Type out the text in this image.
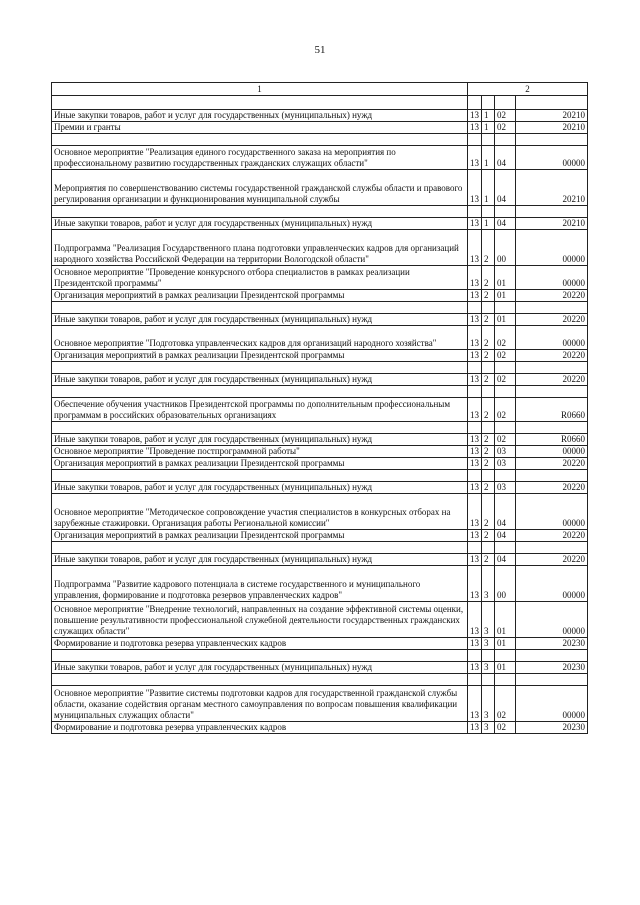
51
1	2			

Иные закупки товаров, работ и услуг для государственных (муниципальных) нужд	13	1	02	20210
Премии и гранты	13	1	02	20210

Основное мероприятие "Реализация единого государственного заказа на мероприятия по профессиональному развитию государственных гражданских служащих области"	13	1	04	00000
Мероприятия по совершенствованию системы государственной гражданской службы области и правового регулирования организации и функционирования муниципальной службы	13	1	04	20210

Иные закупки товаров, работ и услуг для государственных (муниципальных) нужд	13	1	04	20210
Подпрограмма "Реализация Государственного плана подготовки управленческих кадров для организаций народного хозяйства Российской Федерации на территории Вологодской области"	13	2	00	00000
Основное мероприятие "Проведение конкурсного отбора специалистов в рамках реализации Президентской программы"	13	2	01	00000
Организация мероприятий в рамках реализации Президентской программы	13	2	01	20220

Иные закупки товаров, работ и услуг для государственных (муниципальных) нужд	13	2	01	20220
Основное мероприятие "Подготовка управленческих кадров для организаций народного хозяйства"	13	2	02	00000
Организация мероприятий в рамках реализации Президентской программы	13	2	02	20220

Иные закупки товаров, работ и услуг для государственных (муниципальных) нужд	13	2	02	20220

Обеспечение обучения участников Президентской программы по дополнительным профессиональным программам в российских образовательных организациях	13	2	02	R0660

Иные закупки товаров, работ и услуг для государственных (муниципальных) нужд	13	2	02	R0660
Основное мероприятие "Проведение постпрограммной работы"	13	2	03	00000
Организация мероприятий в рамках реализации Президентской программы	13	2	03	20220

Иные закупки товаров, работ и услуг для государственных (муниципальных) нужд	13	2	03	20220
Основное мероприятие "Методическое сопровождение участия специалистов в конкурсных отборах на зарубежные стажировки. Организация работы Региональной комиссии"	13	2	04	00000
Организация мероприятий в рамках реализации Президентской программы	13	2	04	20220

Иные закупки товаров, работ и услуг для государственных (муниципальных) нужд	13	2	04	20220
Подпрограмма "Развитие кадрового потенциала в системе государственного и муниципального управления, формирование и подготовка резервов управленческих кадров"	13	3	00	00000
Основное мероприятие "Внедрение технологий, направленных на создание эффективной системы оценки, повышение результативности профессиональной служебной деятельности государственных гражданских служащих области"	13	3	01	00000
Формирование и подготовка резерва управленческих кадров	13	3	01	20230

Иные закупки товаров, работ и услуг для государственных (муниципальных) нужд	13	3	01	20230

Основное мероприятие "Развитие системы подготовки кадров для государственной гражданской службы области, оказание содействия органам местного самоуправления по вопросам повышения квалификации муниципальных служащих области"	13	3	02	00000
Формирование и подготовка резерва управленческих кадров	13	3	02	20230
